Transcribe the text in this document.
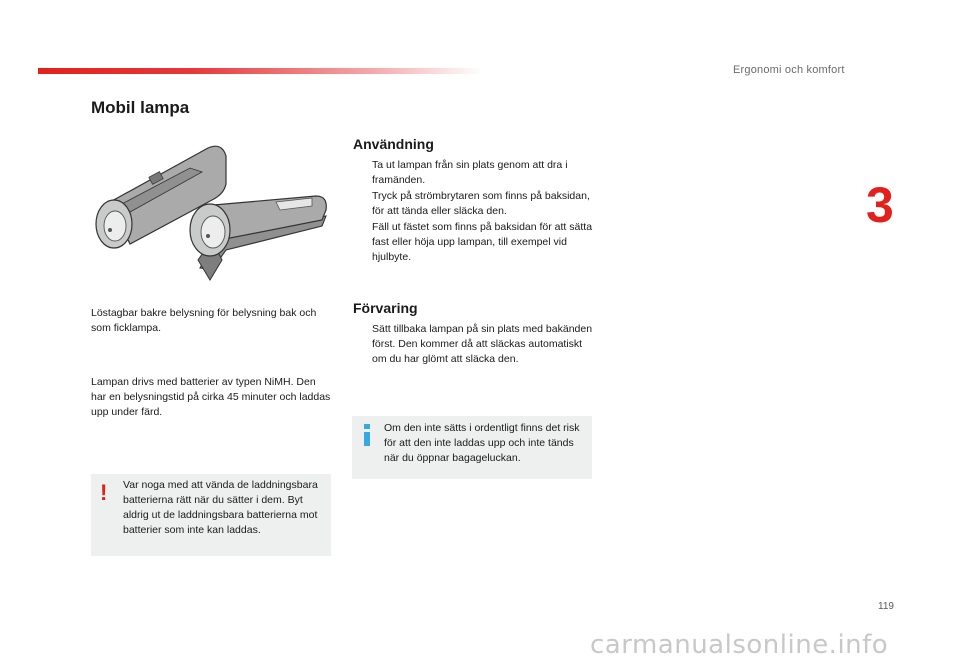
Ergonomi och komfort
3
Mobil lampa

Löstagbar bakre belysning för belysning bak och som ficklampa.

Lampan drivs med batterier av typen NiMH. Den har en belysningstid på cirka 45 minuter och laddas upp under färd.

! Var noga med att vända de laddningsbara batterierna rätt när du sätter i dem. Byt aldrig ut de laddningsbara batterierna mot batterier som inte kan laddas.
Användning
Ta ut lampan från sin plats genom att dra i framänden.
Tryck på strömbrytaren som finns på baksidan, för att tända eller släcka den.
Fäll ut fästet som finns på baksidan för att sätta fast eller höja upp lampan, till exempel vid hjulbyte.
Förvaring
Sätt tillbaka lampan på sin plats med bakänden först. Den kommer då att släckas automatiskt om du har glömt att släcka den.
Om den inte sätts i ordentligt finns det risk för att den inte laddas upp och inte tänds när du öppnar bagageluckan.
119
carmanualsonline.info
